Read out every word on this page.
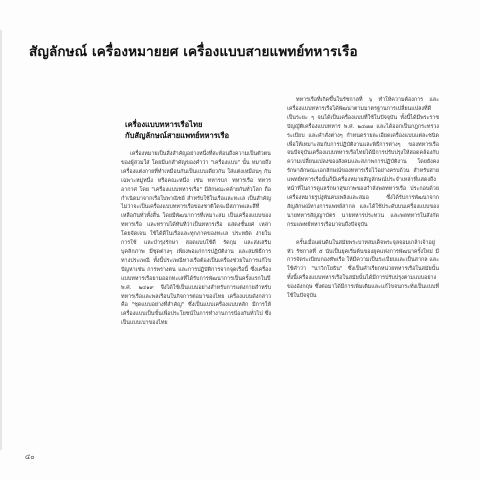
สัญลักษณ์ เครื่องหมายยศ เครื่องแบบสายแพทย์ทหารเรือ
เครื่องแบบทหารเรือไทย
กับสัญลักษณ์สายแพทย์ทหารเรือ

เครื่องหมายเป็นสิ่งสำคัญอย่างหนึ่งที่สะท้อนถึงความเป็นตัวตนของผู้สวมใส่ โดยมีแกสำคัญของคำว่า "เครื่องแบบ" นั้น หมายถึง เครื่องแต่งกายที่ทำเหมือนกันเป็นแบบเดียวกัน ใส่แต่งเหมือนๆ กันเฉพาะหมู่หนึ่ง หรือคณะหนึ่ง เช่น ทหารบก ทหารเรือ ทหารอากาศ โดย "เครื่องแบบทหารเรือ" มีลักษณะคล้ายกันทั่วโลก ถือกำเนิดมาจากเรือใบพาณิชย์ สำหรับใช้ในเรือและทะเล เป็นสำคัญ ไม่ว่าจะเป็นเครื่องแบบทหารเรือของชาติใดจะมีสภาพและสีที่เหลือกันทั่วทั้งสิ้น โดยมีพัฒนาการที่เหมาะสม เป็นเครื่องแบบของทหารเรือ และทราบได้ทันทีว่าเป็นทหารเรือ แสดงชั้นยศ เหล่า โดยจัดเจน ใช้ได้ดีในเรือและทุกภาคของทะเล ประหยัด ง่ายในการใช้ และบำรุงรักษา สอดแบบใช้ดี รัดกุม และส่งเสริมบุคลิกภาพ มีชุดต่างๆ เพียงพอแก่การปฏิบัติงาน และสมพิธีการทางประเพณี ทั้งนี้ประเพณีทางเรือต้องเป็นเครื่องช่วยในการแก้ไขปัญหาเช่น การพรางตน และการปฏิบัติการจากจุดเรือนี้ ซึ่งเครื่องแบบทหารเรือยามออกทะเลที่ได้รับการพัฒนาการเป็นครั้งแรกในปี พ.ศ. ๒๔๑๙ จึงได้ใช้เป็นแบบอย่างสำหรับการแต่งกายสำหรับทหารเรือและพลเรือนในกิจการต่อมาของไทย เครื่องแบบดังกล่าวคือ "ชุดแบบอย่างที่สำคัญ" ซึ่งเป็นแบบเครื่องแบบหลัก มีการให้เครื่องแบบเป็นขั้นเพื่อประโยชน์ในการทำงานการป้องกันทั่วไป ซึ่งเป็นแบบเบาของไทย

ทหารเรือที่เกิดขึ้นในรัชกาลที่ ๖ ทำให้ความต้องการ และเครื่องแบบทหารเรือได้พัฒนาตามมาตรฐานการเปลี่ยนแปลงที่ดีเป็นระยะ ๆ จนได้เป็นเครื่องแบบที่ใช้ในปัจจุบัน ทั้งนี้ได้มีพระราชบัญญัติเครื่องแบบทหาร พ.ศ. ๒๔๗๗ และได้ออกเป็นกฎกระทรวง ระเบียบ และคำสั่งต่างๆ กำหนดรายละเอียดเครื่องแบบแต่ละชนิดเพื่อให้เหมาะสมกับการปฏิบัติงานและพิธีการต่างๆ ของทหารเรือ จนปัจจุบันเครื่องแบบทหารเรือไทยได้มีการปรับปรุงให้สอดคล้องกับความเปลี่ยนแปลงของสังคมและสภาพการปฏิบัติงาน โดยยังคงรักษาลักษณะเอกลักษณ์ของทหารเรือไว้อย่างครบถ้วน สำหรับสายแพทย์ทหารเรือนั้นก็มีเครื่องหมายสัญลักษณ์ประจำเหล่าที่แสดงถึงหน้าที่ในการดูแลรักษาสุขภาพของกำลังพลทหารเรือ ประกอบด้วยเครื่องหมายรูปงูพันคบเพลิงและสมอ ซึ่งได้รับการพัฒนาจากสัญลักษณ์ทางการแพทย์สากล และได้ใช้ประดับบนเครื่องแบบของนายทหารสัญญาบัตร นายทหารประทวน และพลทหารในสังกัดกรมแพทย์ทหารเรือมาจนถึงปัจจุบัน

ครั้นเมื่อแผ่นดินในสมัยพระบาทสมเด็จพระจุลจอมเกล้าเจ้าอยู่หัว รัชกาลที่ ๕ นับเป็นยุคเริ่มต้นของยุคแห่งการพัฒนาครั้งใหม่ มีการจัดระเบียบกองทัพเรือ ให้มีความเป็นระเบียบและเป็นสากล และใช้คำว่า "นาวิกโยธิน" ซึ่งเป็นคำเรียกหน่วยทหารเรือในสมัยนั้น ทั้งนี้เครื่องแบบทหารเรือในสมัยนั้นได้มีการปรับปรุงตามแบบอย่างของอังกฤษ ซึ่งต่อมาได้มีการเพิ่มเติมและแก้ไขจนกระทั่งเป็นแบบที่ใช้ในปัจจุบัน

๔๐
